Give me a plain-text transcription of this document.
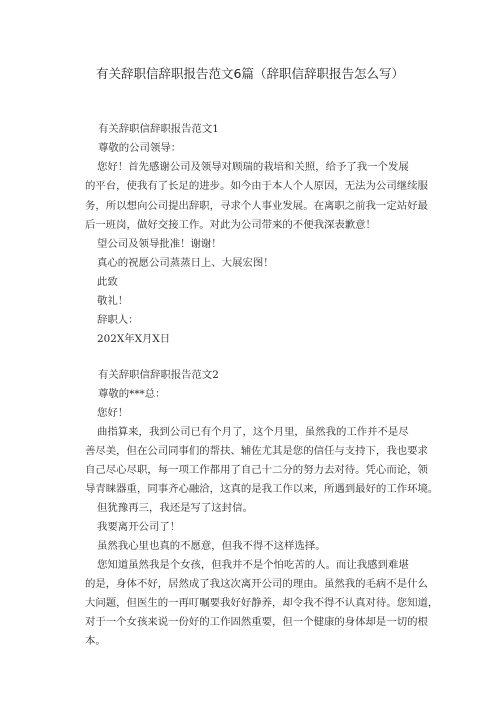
有关辞职信辞职报告范文6篇（辞职信辞职报告怎么写）
有关辞职信辞职报告范文1
尊敬的公司领导：
您好！首先感谢公司及领导对顾瑞的栽培和关照，给予了我一个发展
的平台，使我有了长足的进步。如今由于本人个人原因，无法为公司继续服
务，所以想向公司提出辞职，寻求个人事业发展。在离职之前我一定站好最
后一班岗，做好交接工作。对此为公司带来的不便我深表歉意！
望公司及领导批准！谢谢！
真心的祝愿公司蒸蒸日上、大展宏图！
此致
敬礼！
辞职人：
202X年X月X日
有关辞职信辞职报告范文2
尊敬的***总：
您好！
曲指算来，我到公司已有个月了，这个月里，虽然我的工作并不是尽
善尽美，但在公司同事们的帮扶、辅佐尤其是您的信任与支持下，我也要求
自己尽心尽职，每一项工作都用了自己十二分的努力去对待。凭心而论，领
导青睐器重，同事齐心融洽，这真的是我工作以来，所遇到最好的工作环境。
但犹豫再三，我还是写了这封信。
我要离开公司了！
虽然我心里也真的不愿意，但我不得不这样选择。
您知道虽然我是个女孩，但我并不是个怕吃苦的人。而让我感到难堪
的是，身体不好，居然成了我这次离开公司的理由。虽然我的毛病不是什么
大问题，但医生的一再叮嘱要我好好静养，却令我不得不认真对待。您知道，
对于一个女孩来说一份好的工作固然重要，但一个健康的身体却是一切的根
本。
